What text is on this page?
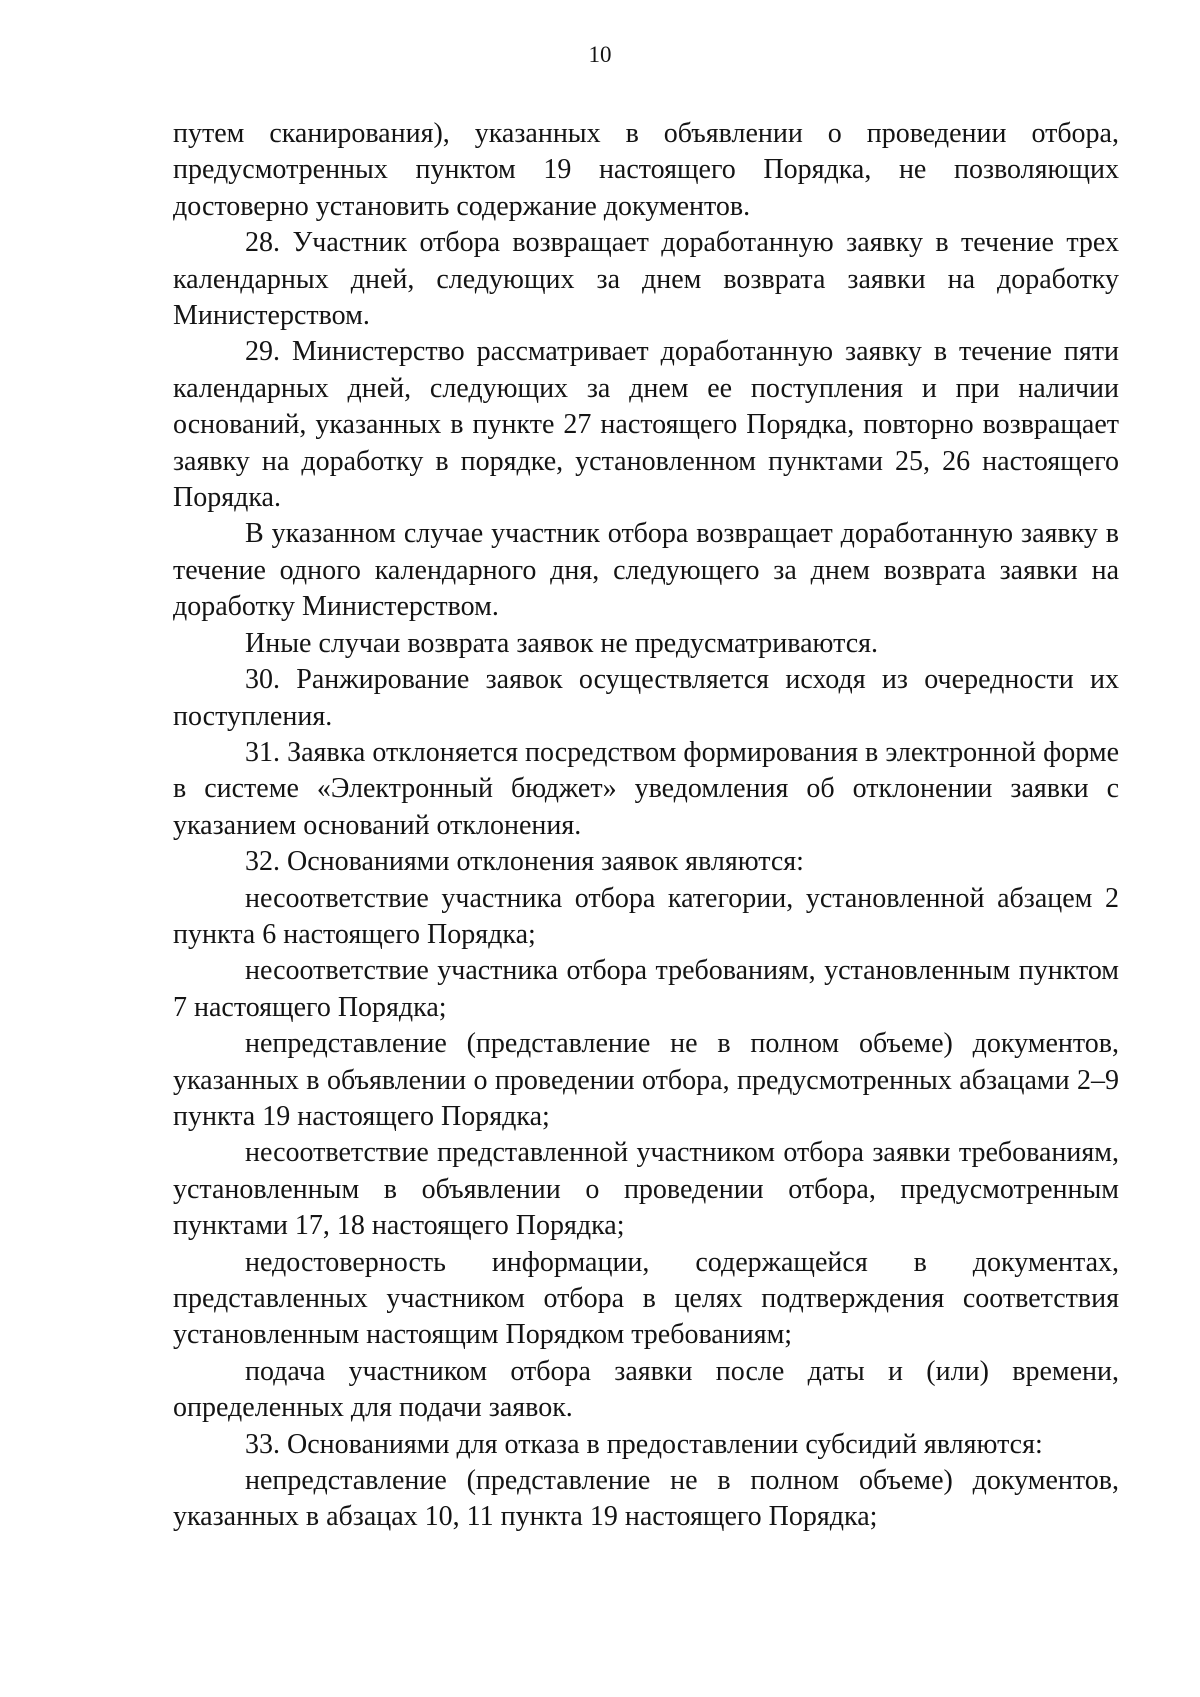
10

путем сканирования), указанных в объявлении о проведении отбора, предусмотренных пунктом 19 настоящего Порядка, не позволяющих достоверно установить содержание документов.

28. Участник отбора возвращает доработанную заявку в течение трех календарных дней, следующих за днем возврата заявки на доработку Министерством.

29. Министерство рассматривает доработанную заявку в течение пяти календарных дней, следующих за днем ее поступления и при наличии оснований, указанных в пункте 27 настоящего Порядка, повторно возвращает заявку на доработку в порядке, установленном пунктами 25, 26 настоящего Порядка.

В указанном случае участник отбора возвращает доработанную заявку в течение одного календарного дня, следующего за днем возврата заявки на доработку Министерством.

Иные случаи возврата заявок не предусматриваются.

30. Ранжирование заявок осуществляется исходя из очередности их поступления.

31. Заявка отклоняется посредством формирования в электронной форме в системе «Электронный бюджет» уведомления об отклонении заявки с указанием оснований отклонения.

32. Основаниями отклонения заявок являются:

несоответствие участника отбора категории, установленной абзацем 2 пункта 6 настоящего Порядка;

несоответствие участника отбора требованиям, установленным пунктом 7 настоящего Порядка;

непредставление (представление не в полном объеме) документов, указанных в объявлении о проведении отбора, предусмотренных абзацами 2–9 пункта 19 настоящего Порядка;

несоответствие представленной участником отбора заявки требованиям, установленным в объявлении о проведении отбора, предусмотренным пунктами 17, 18 настоящего Порядка;

недостоверность информации, содержащейся в документах, представленных участником отбора в целях подтверждения соответствия установленным настоящим Порядком требованиям;

подача участником отбора заявки после даты и (или) времени, определенных для подачи заявок.

33. Основаниями для отказа в предоставлении субсидий являются:

непредставление (представление не в полном объеме) документов, указанных в абзацах 10, 11 пункта 19 настоящего Порядка;
